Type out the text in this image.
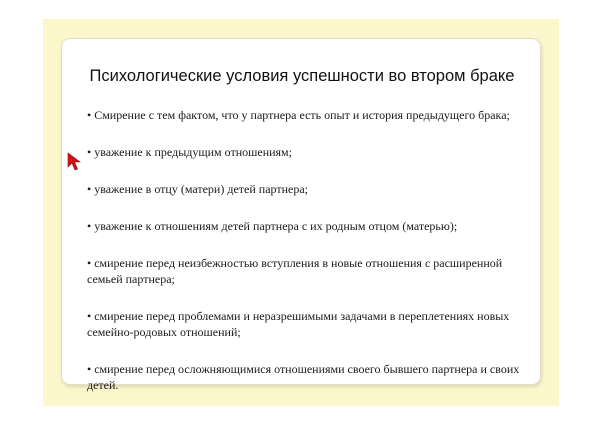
Психологические условия успешности во втором браке
• Смирение с тем фактом, что у партнера есть опыт и история предыдущего брака;
• уважение к предыдущим отношениям;
• уважение в отцу (матери) детей партнера;
• уважение к отношениям детей партнера с их родным отцом (матерью);
• смирение перед неизбежностью вступления в новые отношения с расширенной семьей партнера;
• смирение перед проблемами и неразрешимыми задачами в переплетениях новых семейно-родовых отношений;
• смирение перед осложняющимися отношениями своего бывшего партнера и своих детей.
